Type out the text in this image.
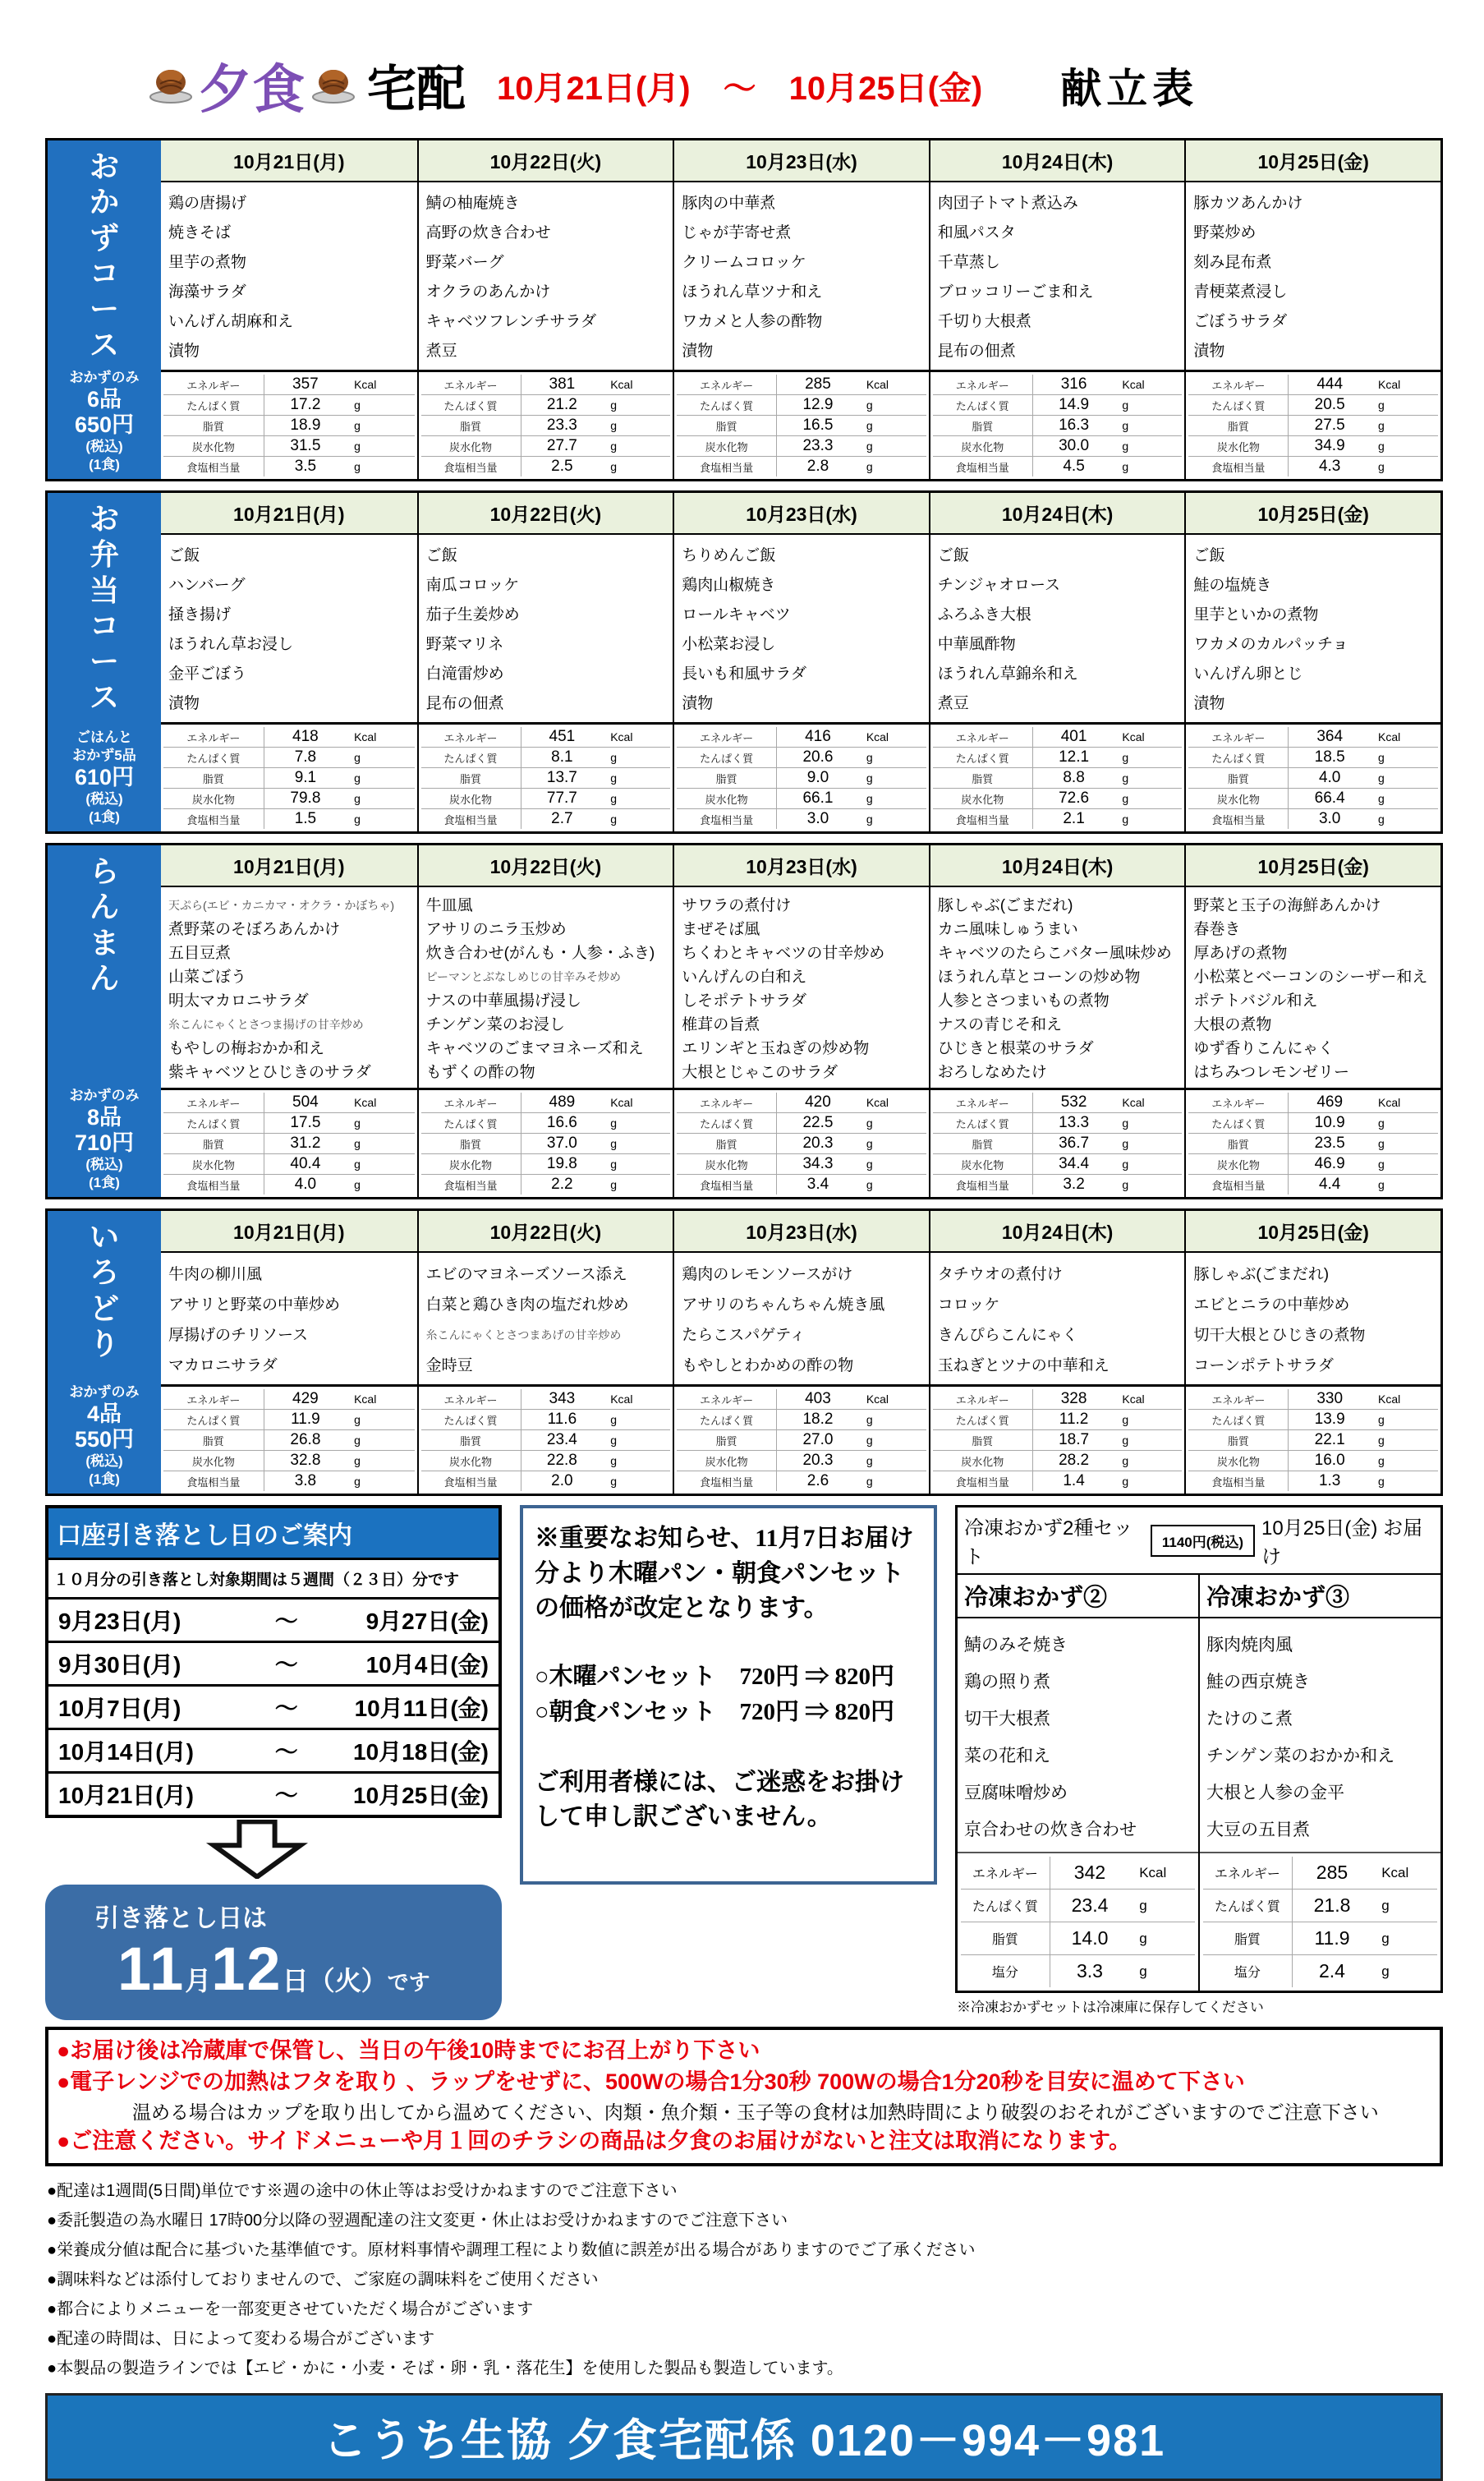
夕食 宅配 10月21日(月)　～　10月25日(金) 献立表
お
か
ず
コ
ー
ス
おかずのみ
6品
650円
(税込)
(1食)
10月21日(月)
鶏の唐揚げ
焼きそば
里芋の煮物
海藻サラダ
いんげん胡麻和え
漬物
エネルギー	357	Kcal
たんぱく質	17.2	g
脂質	18.9	g
炭水化物	31.5	g
食塩相当量	3.5	g
10月22日(火)
鯖の柚庵焼き
高野の炊き合わせ
野菜バーグ
オクラのあんかけ
キャベツフレンチサラダ
煮豆
エネルギー	381	Kcal
たんぱく質	21.2	g
脂質	23.3	g
炭水化物	27.7	g
食塩相当量	2.5	g
10月23日(水)
豚肉の中華煮
じゃが芋寄せ煮
クリームコロッケ
ほうれん草ツナ和え
ワカメと人参の酢物
漬物
エネルギー	285	Kcal
たんぱく質	12.9	g
脂質	16.5	g
炭水化物	23.3	g
食塩相当量	2.8	g
10月24日(木)
肉団子トマト煮込み
和風パスタ
千草蒸し
ブロッコリーごま和え
千切り大根煮
昆布の佃煮
エネルギー	316	Kcal
たんぱく質	14.9	g
脂質	16.3	g
炭水化物	30.0	g
食塩相当量	4.5	g
10月25日(金)
豚カツあんかけ
野菜炒め
刻み昆布煮
青梗菜煮浸し
ごぼうサラダ
漬物
エネルギー	444	Kcal
たんぱく質	20.5	g
脂質	27.5	g
炭水化物	34.9	g
食塩相当量	4.3	g
お
弁
当
コ
ー
ス
ごはんと
おかず5品
610円
(税込)
(1食)
10月21日(月)
ご飯
ハンバーグ
掻き揚げ
ほうれん草お浸し
金平ごぼう
漬物
エネルギー	418	Kcal
たんぱく質	7.8	g
脂質	9.1	g
炭水化物	79.8	g
食塩相当量	1.5	g
10月22日(火)
ご飯
南瓜コロッケ
茄子生姜炒め
野菜マリネ
白滝雷炒め
昆布の佃煮
エネルギー	451	Kcal
たんぱく質	8.1	g
脂質	13.7	g
炭水化物	77.7	g
食塩相当量	2.7	g
10月23日(水)
ちりめんご飯
鶏肉山椒焼き
ロールキャベツ
小松菜お浸し
長いも和風サラダ
漬物
エネルギー	416	Kcal
たんぱく質	20.6	g
脂質	9.0	g
炭水化物	66.1	g
食塩相当量	3.0	g
10月24日(木)
ご飯
チンジャオロース
ふろふき大根
中華風酢物
ほうれん草錦糸和え
煮豆
エネルギー	401	Kcal
たんぱく質	12.1	g
脂質	8.8	g
炭水化物	72.6	g
食塩相当量	2.1	g
10月25日(金)
ご飯
鮭の塩焼き
里芋といかの煮物
ワカメのカルパッチョ
いんげん卵とじ
漬物
エネルギー	364	Kcal
たんぱく質	18.5	g
脂質	4.0	g
炭水化物	66.4	g
食塩相当量	3.0	g
ら
ん
ま
ん
おかずのみ
8品
710円
(税込)
(1食)
10月21日(月)
天ぷら(エビ・カニカマ・オクラ・かぼちゃ)
煮野菜のそぼろあんかけ
五目豆煮
山菜ごぼう
明太マカロニサラダ
糸こんにゃくとさつま揚げの甘辛炒め
もやしの梅おかか和え
紫キャベツとひじきのサラダ
エネルギー	504	Kcal
たんぱく質	17.5	g
脂質	31.2	g
炭水化物	40.4	g
食塩相当量	4.0	g
10月22日(火)
牛皿風
アサリのニラ玉炒め
炊き合わせ(がんも・人参・ふき)
ピーマンとぶなしめじの甘辛みそ炒め
ナスの中華風揚げ浸し
チンゲン菜のお浸し
キャベツのごまマヨネーズ和え
もずくの酢の物
エネルギー	489	Kcal
たんぱく質	16.6	g
脂質	37.0	g
炭水化物	19.8	g
食塩相当量	2.2	g
10月23日(水)
サワラの煮付け
まぜそば風
ちくわとキャベツの甘辛炒め
いんげんの白和え
しそポテトサラダ
椎茸の旨煮
エリンギと玉ねぎの炒め物
大根とじゃこのサラダ
エネルギー	420	Kcal
たんぱく質	22.5	g
脂質	20.3	g
炭水化物	34.3	g
食塩相当量	3.4	g
10月24日(木)
豚しゃぶ(ごまだれ)
カニ風味しゅうまい
キャベツのたらこバター風味炒め
ほうれん草とコーンの炒め物
人参とさつまいもの煮物
ナスの青じそ和え
ひじきと根菜のサラダ
おろしなめたけ
エネルギー	532	Kcal
たんぱく質	13.3	g
脂質	36.7	g
炭水化物	34.4	g
食塩相当量	3.2	g
10月25日(金)
野菜と玉子の海鮮あんかけ
春巻き
厚あげの煮物
小松菜とベーコンのシーザー和え
ポテトバジル和え
大根の煮物
ゆず香りこんにゃく
はちみつレモンゼリー
エネルギー	469	Kcal
たんぱく質	10.9	g
脂質	23.5	g
炭水化物	46.9	g
食塩相当量	4.4	g
い
ろ
ど
り
おかずのみ
4品
550円
(税込)
(1食)
10月21日(月)
牛肉の柳川風
アサリと野菜の中華炒め
厚揚げのチリソース
マカロニサラダ
エネルギー	429	Kcal
たんぱく質	11.9	g
脂質	26.8	g
炭水化物	32.8	g
食塩相当量	3.8	g
10月22日(火)
エビのマヨネーズソース添え
白菜と鶏ひき肉の塩だれ炒め
糸こんにゃくとさつまあげの甘辛炒め
金時豆
エネルギー	343	Kcal
たんぱく質	11.6	g
脂質	23.4	g
炭水化物	22.8	g
食塩相当量	2.0	g
10月23日(水)
鶏肉のレモンソースがけ
アサリのちゃんちゃん焼き風
たらこスパゲティ
もやしとわかめの酢の物
エネルギー	403	Kcal
たんぱく質	18.2	g
脂質	27.0	g
炭水化物	20.3	g
食塩相当量	2.6	g
10月24日(木)
タチウオの煮付け
コロッケ
きんぴらこんにゃく
玉ねぎとツナの中華和え
エネルギー	328	Kcal
たんぱく質	11.2	g
脂質	18.7	g
炭水化物	28.2	g
食塩相当量	1.4	g
10月25日(金)
豚しゃぶ(ごまだれ)
エビとニラの中華炒め
切干大根とひじきの煮物
コーンポテトサラダ
エネルギー	330	Kcal
たんぱく質	13.9	g
脂質	22.1	g
炭水化物	16.0	g
食塩相当量	1.3	g
口座引き落とし日のご案内
１０月分の引き落とし対象期間は５週間（２３日）分です
9月23日(月)	～	9月27日(金)
9月30日(月)	～	10月4日(金)
10月7日(月)	～	10月11日(金)
10月14日(月)	～	10月18日(金)
10月21日(月)	～	10月25日(金)
引き落とし日は
11月12日（火）です

※重要なお知らせ、11月7日お届け分より木曜パン・朝食パンセットの価格が改定となります。

○木曜パンセット　720円 ⇒ 820円

○朝食パンセット　720円 ⇒ 820円

ご利用者様には、ご迷惑をお掛けして申し訳ございません。

冷凍おかず2種セット
1140円(税込)
10月25日(金) お届け
冷凍おかず②
鯖のみそ焼き
鶏の照り煮
切干大根煮
菜の花和え
豆腐味噌炒め
京合わせの炊き合わせ
エネルギー	342	Kcal
たんぱく質	23.4	g
脂質	14.0	g
塩分	3.3	g
冷凍おかず③
豚肉焼肉風
鮭の西京焼き
たけのこ煮
チンゲン菜のおかか和え
大根と人参の金平
大豆の五目煮
エネルギー	285	Kcal
たんぱく質	21.8	g
脂質	11.9	g
塩分	2.4	g
※冷凍おかずセットは冷凍庫に保存してください
●お届け後は冷蔵庫で保管し、当日の午後10時までにお召上がり下さい
●電子レンジでの加熱はフタを取り 、ラップをせずに、500Wの場合1分30秒 700Wの場合1分20秒を目安に温めて下さい
温める場合はカップを取り出してから温めてください、肉類・魚介類・玉子等の食材は加熱時間により破裂のおそれがございますのでご注意下さい
●ご注意ください。サイドメニューや月１回のチラシの商品は夕食のお届けがないと注文は取消になります。
●配達は1週間(5日間)単位です※週の途中の休止等はお受けかねますのでご注意下さい
●委託製造の為水曜日 17時00分以降の翌週配達の注文変更・休止はお受けかねますのでご注意下さい
●栄養成分値は配合に基づいた基準値です。原材料事情や調理工程により数値に誤差が出る場合がありますのでご了承ください
●調味料などは添付しておりませんので、ご家庭の調味料をご使用ください
●都合によりメニューを一部変更させていただく場合がございます
●配達の時間は、日によって変わる場合がございます
●本製品の製造ラインでは【エビ・かに・小麦・そば・卵・乳・落花生】を使用した製品も製造しています。
こうち生協 夕食宅配係 0120－994－981
